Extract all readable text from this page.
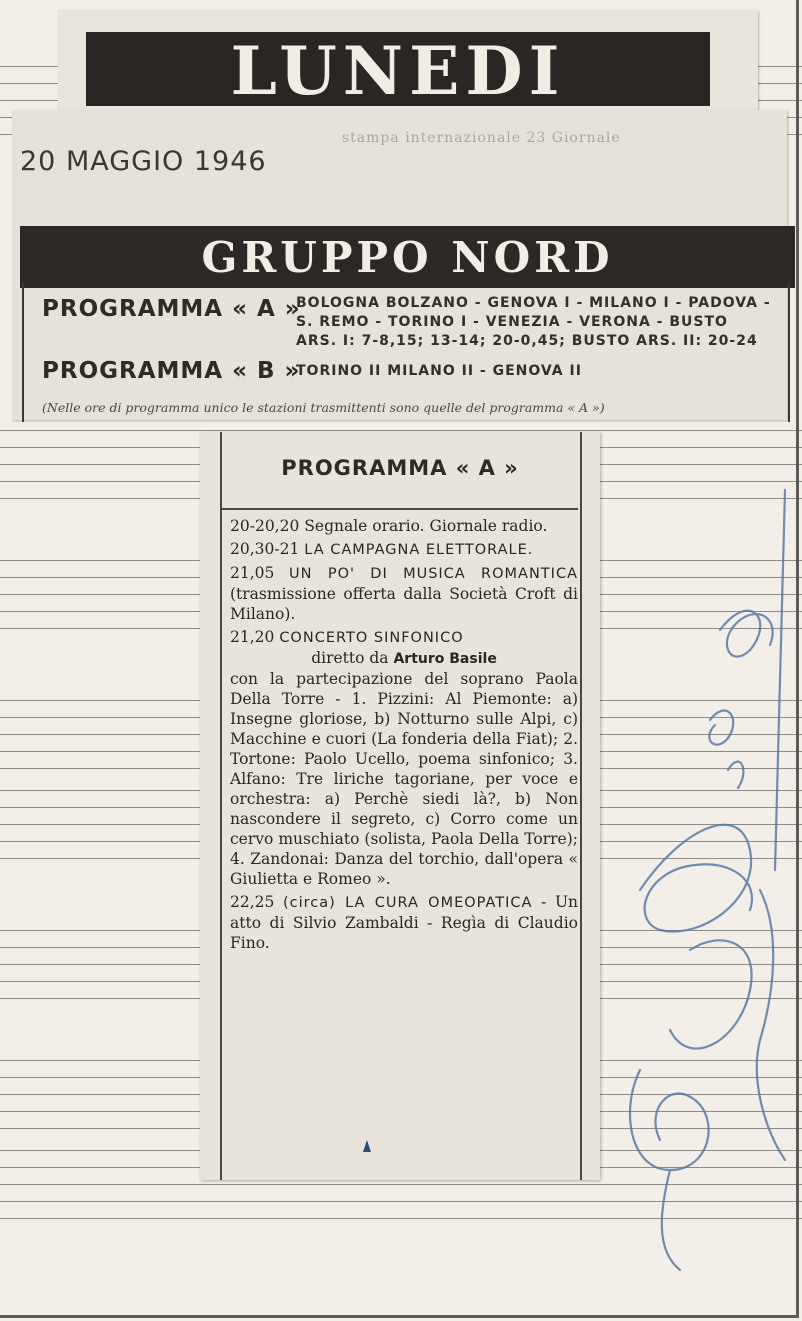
LUNEDI
stampa internazionale 23 Giornale
20 MAGGIO 1946
GRUPPO NORD
PROGRAMMA « A »
BOLOGNA BOLZANO - GENOVA I - MILANO I - PADOVA -
S. REMO - TORINO I - VENEZIA - VERONA - BUSTO
ARS. I: 7-8,15; 13-14; 20-0,45; BUSTO ARS. II: 20-24
PROGRAMMA « B »
TORINO II MILANO II - GENOVA II
(Nelle ore di programma unico le stazioni trasmittenti sono quelle del programma « A »)
PROGRAMMA « A »
20-20,20 Segnale orario. Giornale radio.
20,30-21 LA CAMPAGNA ELETTORALE.
21,05 UN PO' DI MUSICA ROMANTICA (trasmissione offerta dalla Società Croft di Milano).
21,20 CONCERTO SINFONICO
diretto da Arturo Basile
con la partecipazione del soprano Paola Della Torre - 1. Pizzini: Al Piemonte: a) Insegne gloriose, b) Notturno sulle Alpi, c) Macchine e cuori (La fonderia della Fiat); 2. Tortone: Paolo Ucello, poema sinfonico; 3. Alfano: Tre liriche tagoriane, per voce e orchestra: a) Perchè siedi là?, b) Non nascondere il segreto, c) Corro come un cervo muschiato (solista, Paola Della Torre); 4. Zandonai: Danza del torchio, dall'opera « Giulietta e Romeo ».
22,25 (circa) LA CURA OMEOPATICA - Un atto di Silvio Zambaldi - Regìa di Claudio Fino.
